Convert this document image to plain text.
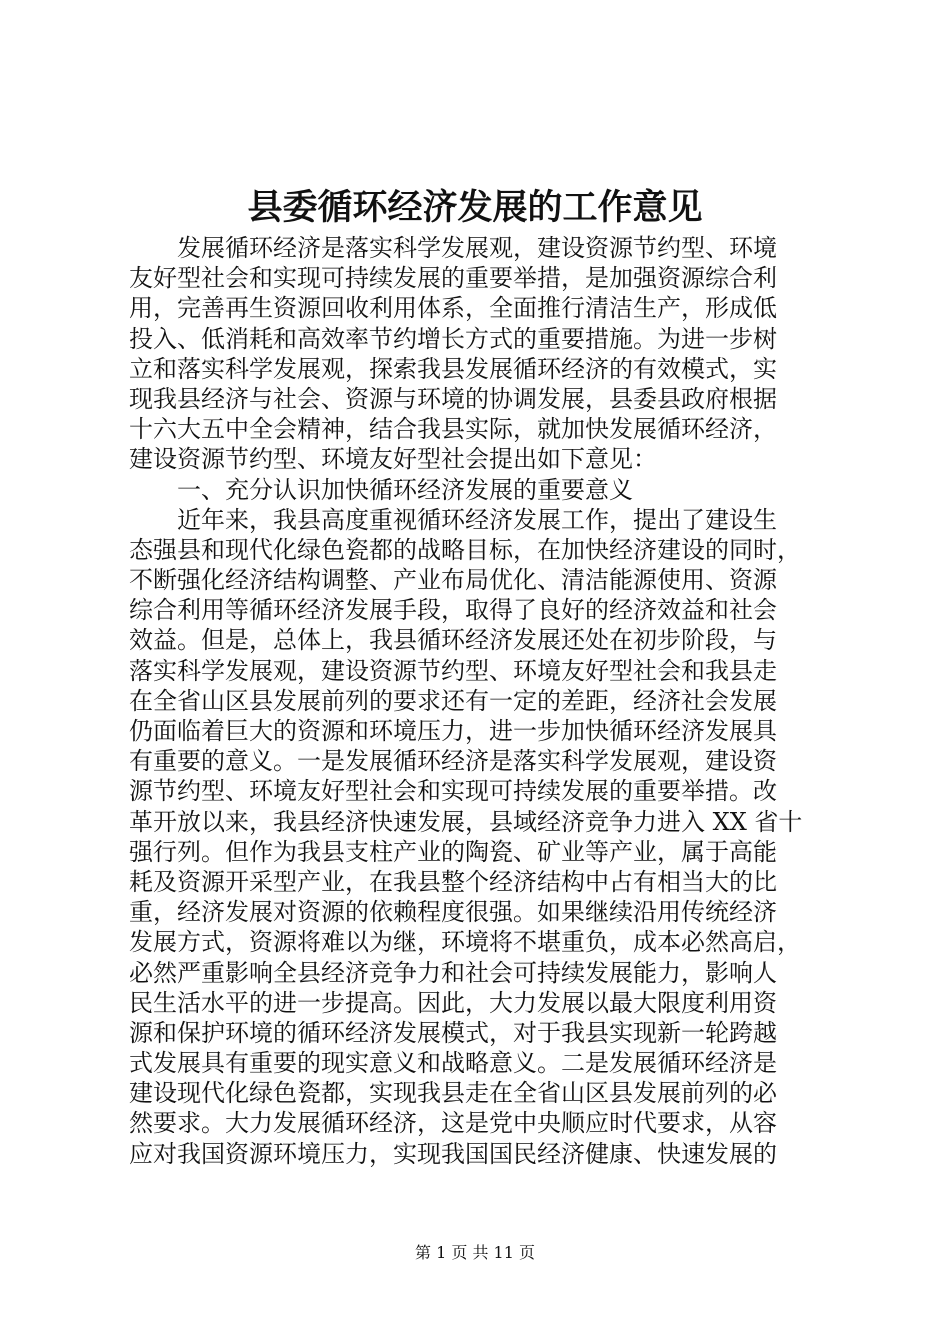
县委循环经济发展的工作意见
　　发展循环经济是落实科学发展观，建设资源节约型、环境
友好型社会和实现可持续发展的重要举措，是加强资源综合利
用，完善再生资源回收利用体系，全面推行清洁生产，形成低
投入、低消耗和高效率节约增长方式的重要措施。为进一步树
立和落实科学发展观，探索我县发展循环经济的有效模式，实
现我县经济与社会、资源与环境的协调发展，县委县政府根据
十六大五中全会精神，结合我县实际，就加快发展循环经济，
建设资源节约型、环境友好型社会提出如下意见：
　　一、充分认识加快循环经济发展的重要意义
　　近年来，我县高度重视循环经济发展工作，提出了建设生
态强县和现代化绿色瓷都的战略目标，在加快经济建设的同时，
不断强化经济结构调整、产业布局优化、清洁能源使用、资源
综合利用等循环经济发展手段，取得了良好的经济效益和社会
效益。但是，总体上，我县循环经济发展还处在初步阶段，与
落实科学发展观，建设资源节约型、环境友好型社会和我县走
在全省山区县发展前列的要求还有一定的差距，经济社会发展
仍面临着巨大的资源和环境压力，进一步加快循环经济发展具
有重要的意义。一是发展循环经济是落实科学发展观，建设资
源节约型、环境友好型社会和实现可持续发展的重要举措。改
革开放以来，我县经济快速发展，县域经济竞争力进入 XX 省十
强行列。但作为我县支柱产业的陶瓷、矿业等产业，属于高能
耗及资源开采型产业，在我县整个经济结构中占有相当大的比
重，经济发展对资源的依赖程度很强。如果继续沿用传统经济
发展方式，资源将难以为继，环境将不堪重负，成本必然高启，
必然严重影响全县经济竞争力和社会可持续发展能力，影响人
民生活水平的进一步提高。因此，大力发展以最大限度利用资
源和保护环境的循环经济发展模式，对于我县实现新一轮跨越
式发展具有重要的现实意义和战略意义。二是发展循环经济是
建设现代化绿色瓷都，实现我县走在全省山区县发展前列的必
然要求。大力发展循环经济，这是党中央顺应时代要求，从容
应对我国资源环境压力，实现我国国民经济健康、快速发展的
第 1 页 共 11 页
